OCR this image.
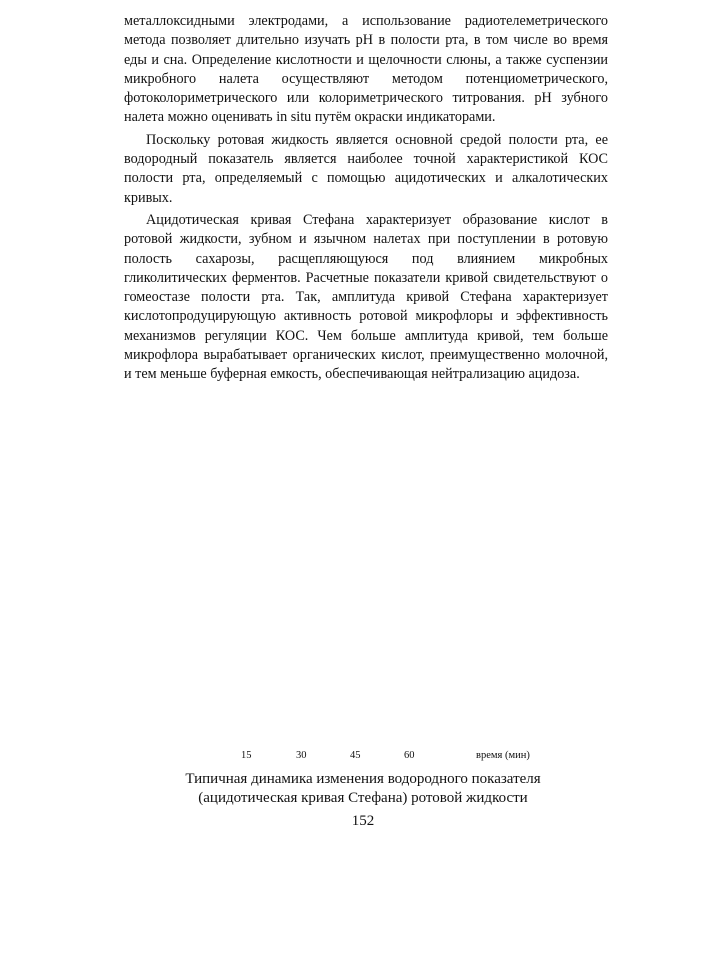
металлоксидными электродами, а использование радиотелеметрического метода позволяет длительно изучать pH в полости рта, в том числе во время еды и сна. Определение кислотности и щелочности слюны, а также суспензии микробного налета осуществляют методом потенциометрического, фотоколориметрического или колориметрического титрования. pH зубного налета можно оценивать in situ путём окраски индикаторами.

Поскольку ротовая жидкость является основной средой полости рта, ее водородный показатель является наиболее точной характеристикой КОС полости рта, определяемый с помощью ацидотических и алкалотических кривых.

Ацидотическая кривая Стефана характеризует образование кислот в ротовой жидкости, зубном и язычном налетах при поступлении в ротовую полость сахарозы, расщепляющуюся под влиянием микробных гликолитических ферментов. Расчетные показатели кривой свидетельствуют о гомеостазе полости рта. Так, амплитуда кривой Стефана характеризует кислотопродуцирующую активность ротовой микрофлоры и эффективность механизмов регуляции КОС. Чем больше амплитуда кривой, тем больше микрофлора вырабатывает органических кислот, преимущественно молочной, и тем меньше буферная емкость, обеспечивающая нейтрализацию ацидоза.

15	30	45	60	время (мин)
Типичная динамика изменения водородного показателя
(ацидотическая кривая Стефана) ротовой жидкости
152
